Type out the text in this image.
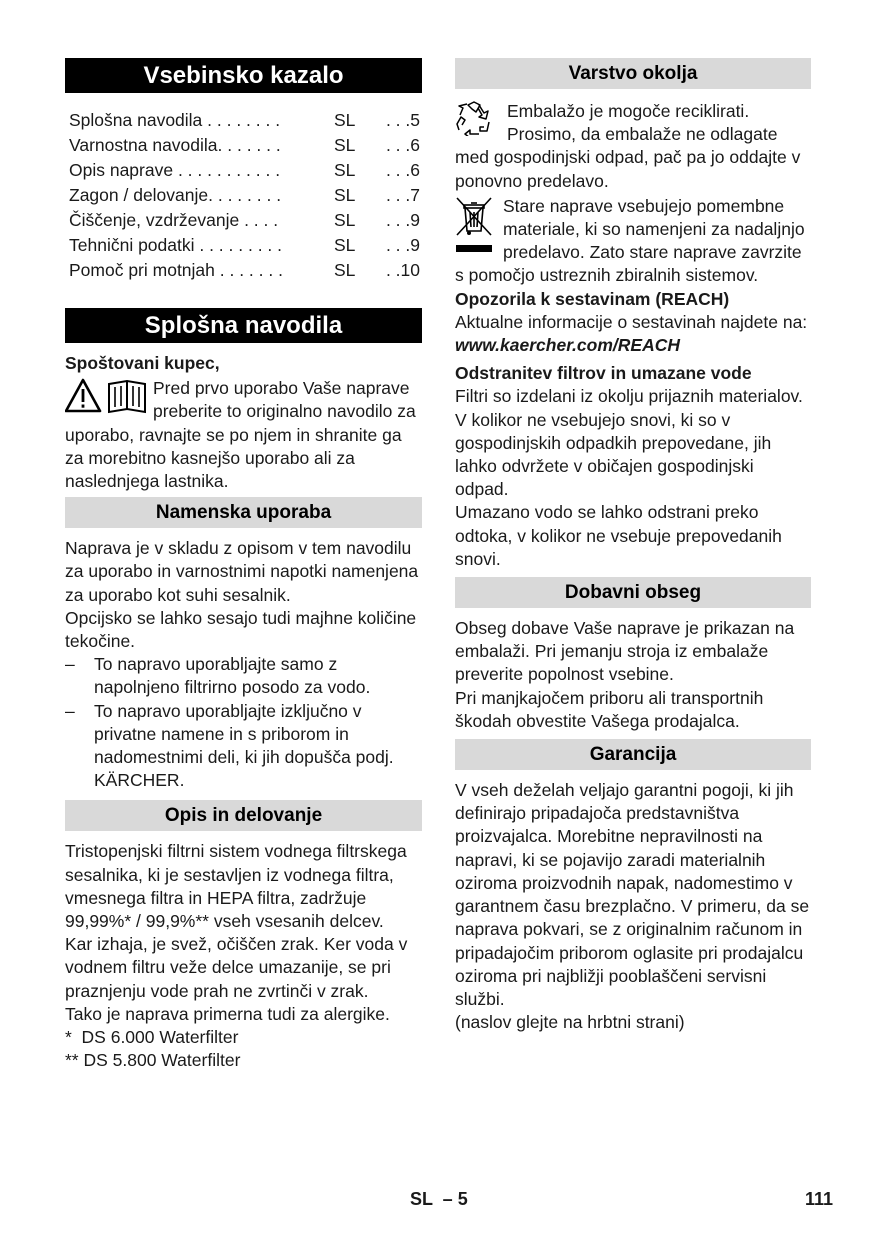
Vsebinsko kazalo
Splošna navodila . . . . . . . .	SL	. . .5
Varnostna navodila. . . . . . .	SL	. . .6
Opis naprave . . . . . . . . . . .	SL	. . .6
Zagon / delovanje. . . . . . . .	SL	. . .7
Čiščenje, vzdrževanje . . . .	SL	. . .9
Tehnični podatki . . . . . . . . .	SL	. . .9
Pomoč pri motnjah . . . . . . .	SL	. .10
Splošna navodila

Spoštovani kupec,

Pred prvo uporabo Vaše naprave preberite to originalno navodilo za uporabo, ravnajte se po njem in shranite ga za morebitno kasnejšo uporabo ali za naslednjega lastnika.
Namenska uporaba

Naprava je v skladu z opisom v tem navodilu za uporabo in varnostnimi napotki namenjena za uporabo kot suhi sesalnik.

Opcijsko se lahko sesajo tudi majhne količine tekočine.

–	To napravo uporabljajte samo z napolnjeno filtrirno posodo za vodo.
–	To napravo uporabljajte izključno v privatne namene in s priborom in nadomestnimi deli, ki jih dopušča podj. KÄRCHER.
Opis in delovanje

Tristopenjski filtrni sistem vodnega filtrskega sesalnika, ki je sestavljen iz vodnega filtra, vmesnega filtra in HEPA filtra, zadržuje 99,99%* / 99,9%** vseh vsesanih delcev.

Kar izhaja, je svež, očiščen zrak. Ker voda v vodnem filtru veže delce umazanije, se pri praznjenju vode prah ne zvrtinči v zrak.

Tako je naprava primerna tudi za alergike.

*  DS 6.000 Waterfilter

** DS 5.800 Waterfilter

Varstvo okolja
Embalažo je mogoče reciklirati. Prosimo, da embalaže ne odlagate med gospodinjski odpad, pač pa jo oddajte v ponovno predelavo.
Stare naprave vsebujejo pomembne materiale, ki so namenjeni za nadaljnjo predelavo. Zato stare naprave zavrzite s pomočjo ustreznih zbiralnih sistemov.

Opozorila k sestavinam (REACH)

Aktualne informacije o sestavinah najdete na:

www.kaercher.com/REACH

Odstranitev filtrov in umazane vode

Filtri so izdelani iz okolju prijaznih materialov. V kolikor ne vsebujejo snovi, ki so v gospodinjskih odpadkih prepovedane, jih lahko odvržete v običajen gospodinjski odpad.

Umazano vodo se lahko odstrani preko odtoka, v kolikor ne vsebuje prepovedanih snovi.

Dobavni obseg

Obseg dobave Vaše naprave je prikazan na embalaži. Pri jemanju stroja iz embalaže preverite popolnost vsebine.

Pri manjkajočem priboru ali transportnih škodah obvestite Vašega prodajalca.

Garancija

V vseh deželah veljajo garantni pogoji, ki jih definirajo pripadajoča predstavništva proizvajalca. Morebitne nepravilnosti na napravi, ki se pojavijo zaradi materialnih oziroma proizvodnih napak, nadomestimo v garantnem času brezplačno. V primeru, da se naprava pokvari, se z originalnim računom in pripadajočim priborom oglasite pri prodajalcu oziroma pri najbližji pooblaščeni servisni službi.

(naslov glejte na hrbtni strani)

SL  – 5	111
